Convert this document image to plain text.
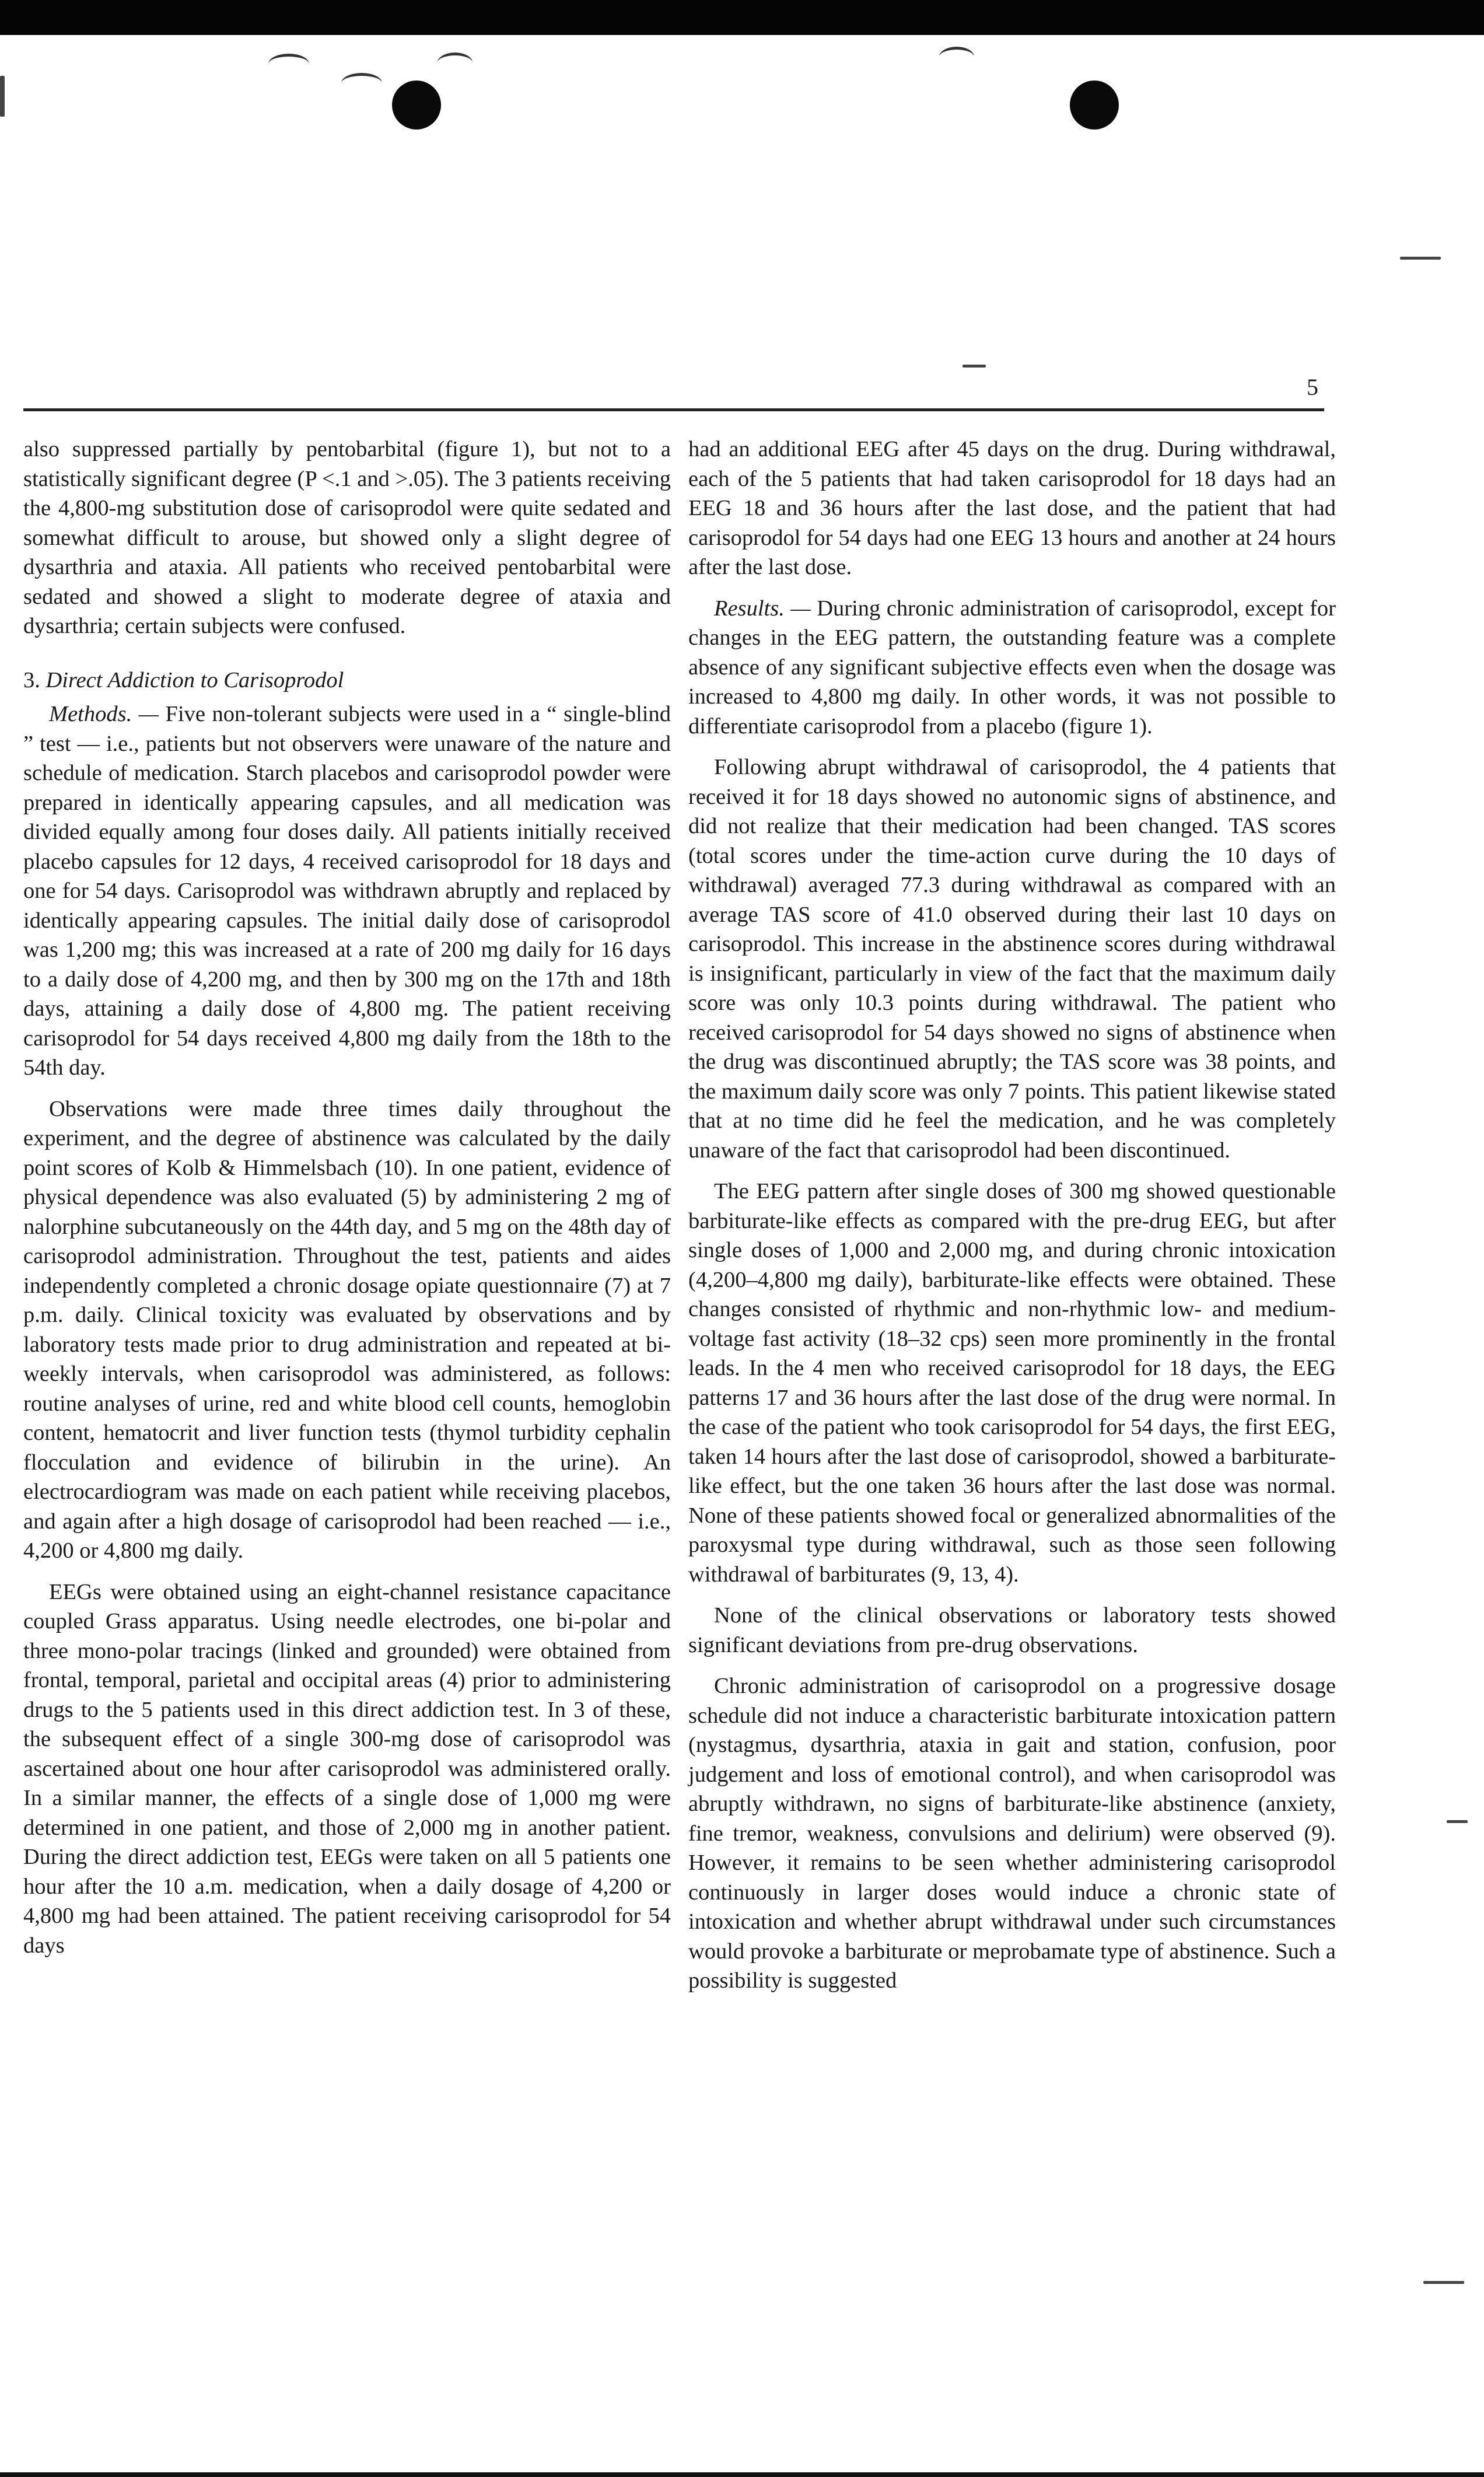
5

also suppressed partially by pentobarbital (figure 1), but not to a statistically significant degree (P <.1 and >.05). The 3 patients receiving the 4,800-mg substitution dose of carisoprodol were quite sedated and somewhat difficult to arouse, but showed only a slight degree of dysarthria and ataxia. All patients who received pentobarbital were sedated and showed a slight to moderate degree of ataxia and dysarthria; certain subjects were confused.

3. Direct Addiction to Carisoprodol

Methods. — Five non-tolerant subjects were used in a “ single-blind ” test — i.e., patients but not observers were unaware of the nature and schedule of medication. Starch placebos and carisoprodol powder were prepared in identically appearing capsules, and all medication was divided equally among four doses daily. All patients initially received placebo capsules for 12 days, 4 received carisoprodol for 18 days and one for 54 days. Carisoprodol was withdrawn abruptly and replaced by identically appearing capsules. The initial daily dose of carisoprodol was 1,200 mg; this was increased at a rate of 200 mg daily for 16 days to a daily dose of 4,200 mg, and then by 300 mg on the 17th and 18th days, attaining a daily dose of 4,800 mg. The patient receiving carisoprodol for 54 days received 4,800 mg daily from the 18th to the 54th day.

Observations were made three times daily throughout the experiment, and the degree of abstinence was calculated by the daily point scores of Kolb & Himmelsbach (10). In one patient, evidence of physical dependence was also evaluated (5) by administering 2 mg of nalorphine subcutaneously on the 44th day, and 5 mg on the 48th day of carisoprodol administration. Throughout the test, patients and aides independently completed a chronic dosage opiate questionnaire (7) at 7 p.m. daily. Clinical toxicity was evaluated by observations and by laboratory tests made prior to drug administration and repeated at bi-weekly intervals, when carisoprodol was administered, as follows: routine analyses of urine, red and white blood cell counts, hemoglobin content, hematocrit and liver function tests (thymol turbidity cephalin flocculation and evidence of bilirubin in the urine). An electrocardiogram was made on each patient while receiving placebos, and again after a high dosage of carisoprodol had been reached — i.e., 4,200 or 4,800 mg daily.

EEGs were obtained using an eight-channel resistance capacitance coupled Grass apparatus. Using needle electrodes, one bi-polar and three mono-polar tracings (linked and grounded) were obtained from frontal, temporal, parietal and occipital areas (4) prior to administering drugs to the 5 patients used in this direct addiction test. In 3 of these, the subsequent effect of a single 300-mg dose of carisoprodol was ascertained about one hour after carisoprodol was administered orally. In a similar manner, the effects of a single dose of 1,000 mg were determined in one patient, and those of 2,000 mg in another patient. During the direct addiction test, EEGs were taken on all 5 patients one hour after the 10 a.m. medication, when a daily dosage of 4,200 or 4,800 mg had been attained. The patient receiving carisoprodol for 54 days

had an additional EEG after 45 days on the drug. During withdrawal, each of the 5 patients that had taken carisoprodol for 18 days had an EEG 18 and 36 hours after the last dose, and the patient that had carisoprodol for 54 days had one EEG 13 hours and another at 24 hours after the last dose.

Results. — During chronic administration of carisoprodol, except for changes in the EEG pattern, the outstanding feature was a complete absence of any significant subjective effects even when the dosage was increased to 4,800 mg daily. In other words, it was not possible to differentiate carisoprodol from a placebo (figure 1).

Following abrupt withdrawal of carisoprodol, the 4 patients that received it for 18 days showed no autonomic signs of abstinence, and did not realize that their medication had been changed. TAS scores (total scores under the time-action curve during the 10 days of withdrawal) averaged 77.3 during withdrawal as compared with an average TAS score of 41.0 observed during their last 10 days on carisoprodol. This increase in the abstinence scores during withdrawal is insignificant, particularly in view of the fact that the maximum daily score was only 10.3 points during withdrawal. The patient who received carisoprodol for 54 days showed no signs of abstinence when the drug was discontinued abruptly; the TAS score was 38 points, and the maximum daily score was only 7 points. This patient likewise stated that at no time did he feel the medication, and he was completely unaware of the fact that carisoprodol had been discontinued.

The EEG pattern after single doses of 300 mg showed questionable barbiturate-like effects as compared with the pre-drug EEG, but after single doses of 1,000 and 2,000 mg, and during chronic intoxication (4,200–4,800 mg daily), barbiturate-like effects were obtained. These changes consisted of rhythmic and non-rhythmic low- and medium-voltage fast activity (18–32 cps) seen more prominently in the frontal leads. In the 4 men who received carisoprodol for 18 days, the EEG patterns 17 and 36 hours after the last dose of the drug were normal. In the case of the patient who took carisoprodol for 54 days, the first EEG, taken 14 hours after the last dose of carisoprodol, showed a barbiturate-like effect, but the one taken 36 hours after the last dose was normal. None of these patients showed focal or generalized abnormalities of the paroxysmal type during withdrawal, such as those seen following withdrawal of barbiturates (9, 13, 4).

None of the clinical observations or laboratory tests showed significant deviations from pre-drug observations.

Chronic administration of carisoprodol on a progressive dosage schedule did not induce a characteristic barbiturate intoxication pattern (nystagmus, dysarthria, ataxia in gait and station, confusion, poor judgement and loss of emotional control), and when carisoprodol was abruptly withdrawn, no signs of barbiturate-like abstinence (anxiety, fine tremor, weakness, convulsions and delirium) were observed (9). However, it remains to be seen whether administering carisoprodol continuously in larger doses would induce a chronic state of intoxication and whether abrupt withdrawal under such circumstances would provoke a barbiturate or meprobamate type of abstinence. Such a possibility is suggested
